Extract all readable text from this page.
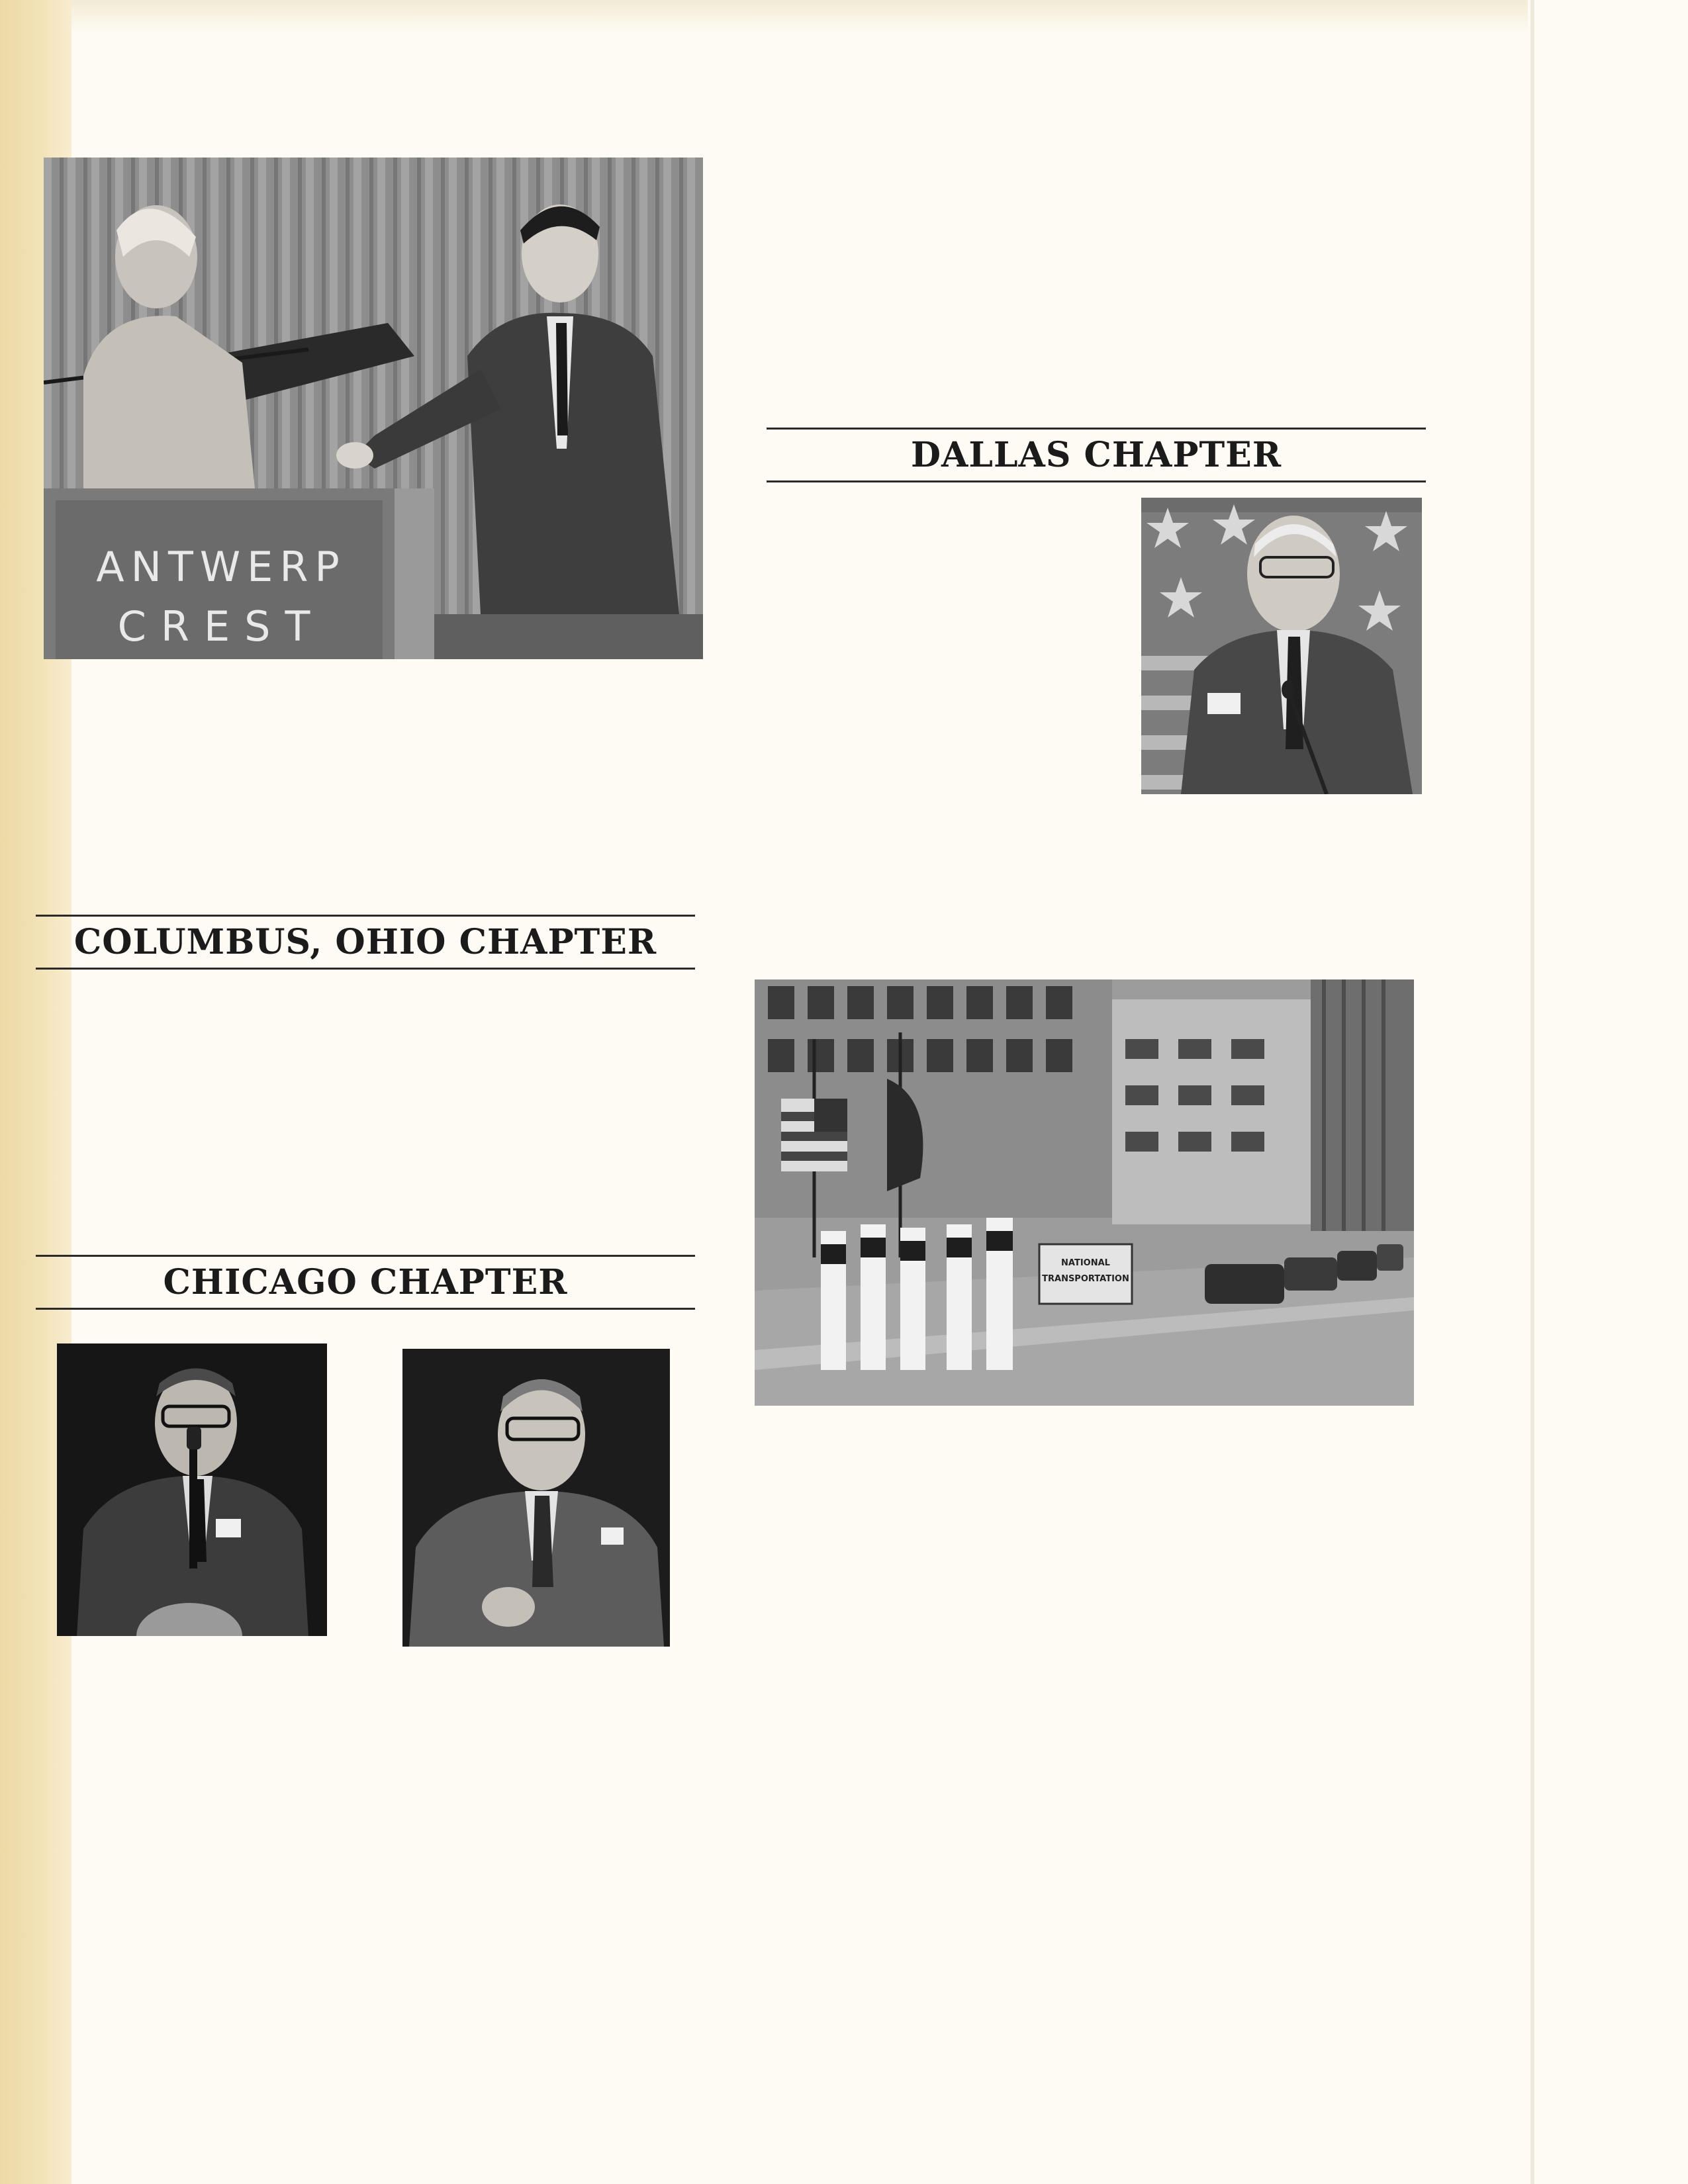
ANTWERP
CREST
DALLAS CHAPTER
COLUMBUS, OHIO CHAPTER
NATIONAL
TRANSPORTATION
CHICAGO CHAPTER
